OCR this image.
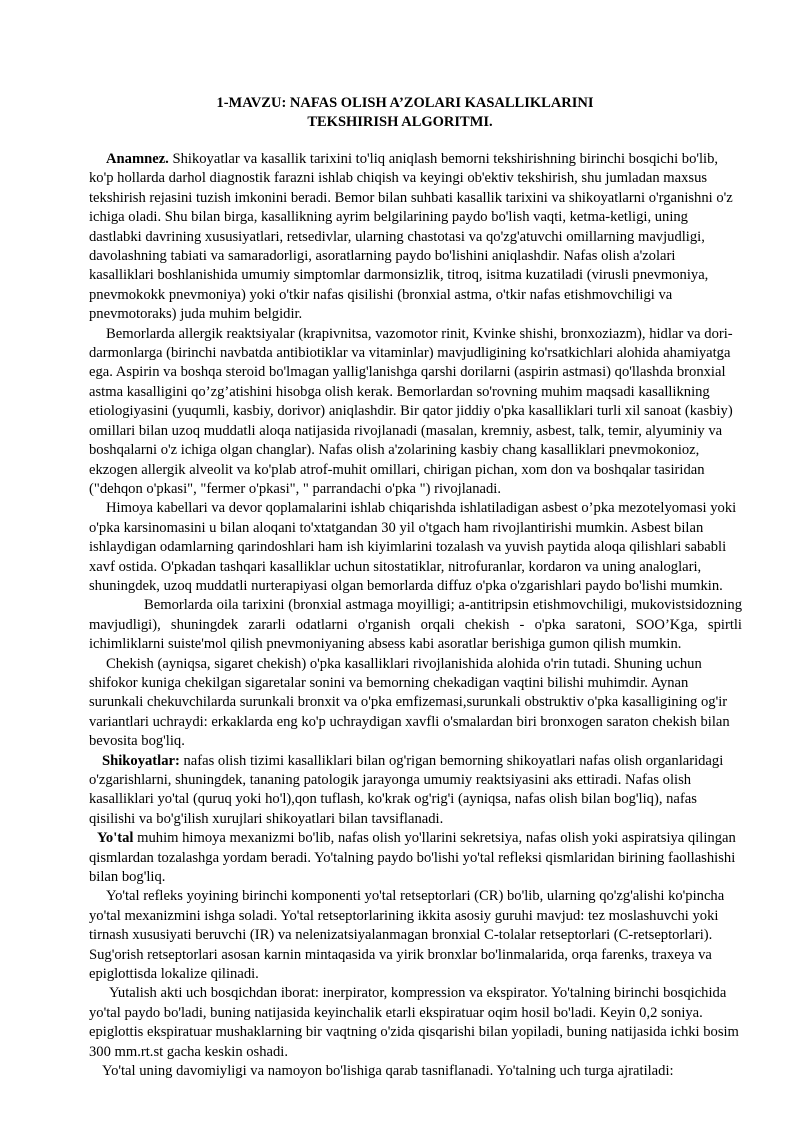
1-MAVZU: NAFAS OLISH A’ZOLARI KASALLIKLARINI
TEKSHIRISH ALGORITMI.

Anamnez. Shikoyatlar va kasallik tarixini to'liq aniqlash bemorni tekshirishning birinchi bosqichi bo'lib, ko'p hollarda darhol diagnostik farazni ishlab chiqish va keyingi ob'ektiv tekshirish, shu jumladan maxsus tekshirish rejasini tuzish imkonini beradi. Bemor bilan suhbati kasallik tarixini va shikoyatlarni o'rganishni o'z ichiga oladi. Shu bilan birga, kasallikning ayrim belgilarining paydo bo'lish vaqti, ketma-ketligi, uning dastlabki davrining xususiyatlari, retsedivlar, ularning chastotasi va qo'zg'atuvchi omillarning mavjudligi, davolashning tabiati va samaradorligi, asoratlarning paydo bo'lishini aniqlashdir. Nafas olish a'zolari kasalliklari boshlanishida umumiy simptomlar darmonsizlik, titroq, isitma kuzatiladi (virusli pnevmoniya, pnevmokokk pnevmoniya) yoki o'tkir nafas qisilishi (bronxial astma, o'tkir nafas etishmovchiligi va pnevmotoraks) juda muhim belgidir.

Bemorlarda allergik reaktsiyalar (krapivnitsa, vazomotor rinit, Kvinke shishi, bronxoziazm), hidlar va dori-darmonlarga (birinchi navbatda antibiotiklar va vitaminlar) mavjudligining ko'rsatkichlari alohida ahamiyatga ega. Aspirin va boshqa steroid bo'lmagan yallig'lanishga qarshi dorilarni (aspirin astmasi) qo'llashda bronxial astma kasalligini qo’zg’atishini hisobga olish kerak. Bemorlardan so'rovning muhim maqsadi kasallikning etiologiyasini (yuqumli, kasbiy, dorivor) aniqlashdir. Bir qator jiddiy o'pka kasalliklari turli xil sanoat (kasbiy) omillari bilan uzoq muddatli aloqa natijasida rivojlanadi (masalan, kremniy, asbest, talk, temir, alyuminiy va boshqalarni o'z ichiga olgan changlar). Nafas olish a'zolarining kasbiy chang kasalliklari pnevmokonioz, ekzogen allergik alveolit va ko'plab atrof-muhit omillari, chirigan pichan, xom don va boshqalar tasiridan ("dehqon o'pkasi", "fermer o'pkasi", " parrandachi o'pka ") rivojlanadi.

Himoya kabellari va devor qoplamalarini ishlab chiqarishda ishlatiladigan asbest o’pka mezotelyomasi yoki o'pka karsinomasini u bilan aloqani to'xtatgandan 30 yil o'tgach ham rivojlantirishi mumkin. Asbest bilan ishlaydigan odamlarning qarindoshlari ham ish kiyimlarini tozalash va yuvish paytida aloqa qilishlari sababli xavf ostida. O'pkadan tashqari kasalliklar uchun sitostatiklar, nitrofuranlar, kordaron va uning analoglari, shuningdek, uzoq muddatli nurterapiyasi olgan bemorlarda diffuz o'pka o'zgarishlari paydo bo'lishi mumkin.

Bemorlarda oila tarixini (bronxial astmaga moyilligi; a-antitripsin etishmovchiligi, mukovistsidozning mavjudligi), shuningdek zararli odatlarni o'rganish orqali chekish - o'pka saratoni, SOO’Kga, spirtli ichimliklarni suiste'mol qilish pnevmoniyaning absess kabi asoratlar berishiga gumon qilish mumkin.

Chekish (ayniqsa, sigaret chekish) o'pka kasalliklari rivojlanishida alohida o'rin tutadi. Shuning uchun shifokor kuniga chekilgan sigaretalar sonini va bemorning chekadigan vaqtini bilishi muhimdir. Aynan surunkali chekuvchilarda surunkali bronxit va o'pka emfizemasi,surunkali obstruktiv o'pka kasalligining og'ir variantlari uchraydi: erkaklarda eng ko'p uchraydigan xavfli o'smalardan biri bronxogen saraton chekish bilan bevosita bog'liq.

Shikoyatlar: nafas olish tizimi kasalliklari bilan og'rigan bemorning shikoyatlari nafas olish organlaridagi o'zgarishlarni, shuningdek, tananing patologik jarayonga umumiy reaktsiyasini aks ettiradi. Nafas olish kasalliklari yo'tal (quruq yoki ho'l),qon tuflash, ko'krak og'rig'i (ayniqsa, nafas olish bilan bog'liq), nafas qisilishi va bo'g'ilish xurujlari shikoyatlari bilan tavsiflanadi.

Yo'tal muhim himoya mexanizmi bo'lib, nafas olish yo'llarini sekretsiya, nafas olish yoki aspiratsiya qilingan qismlardan tozalashga yordam beradi. Yo'talning paydo bo'lishi yo'tal refleksi qismlaridan birining faollashishi bilan bog'liq.

Yo'tal refleks yoyining birinchi komponenti yo'tal retseptorlari (CR) bo'lib, ularning qo'zg'alishi ko'pincha yo'tal mexanizmini ishga soladi. Yo'tal retseptorlarining ikkita asosiy guruhi mavjud: tez moslashuvchi yoki tirnash xususiyati beruvchi (IR) va nelenizatsiyalanmagan bronxial C-tolalar retseptorlari (C-retseptorlari). Sug'orish retseptorlari asosan karnin mintaqasida va yirik bronxlar bo'linmalarida, orqa farenks, traxeya va epiglottisda lokalize qilinadi.

Yutalish akti uch bosqichdan iborat: inerpirator, kompression va ekspirator. Yo'talning birinchi bosqichida yo'tal paydo bo'ladi, buning natijasida keyinchalik etarli ekspiratuar oqim hosil bo'ladi. Keyin 0,2 soniya. epiglottis ekspiratuar mushaklarning bir vaqtning o'zida qisqarishi bilan yopiladi, buning natijasida ichki bosim 300 mm.rt.st gacha keskin oshadi.

Yo'tal uning davomiyligi va namoyon bo'lishiga qarab tasniflanadi. Yo'talning uch turga ajratiladi:
